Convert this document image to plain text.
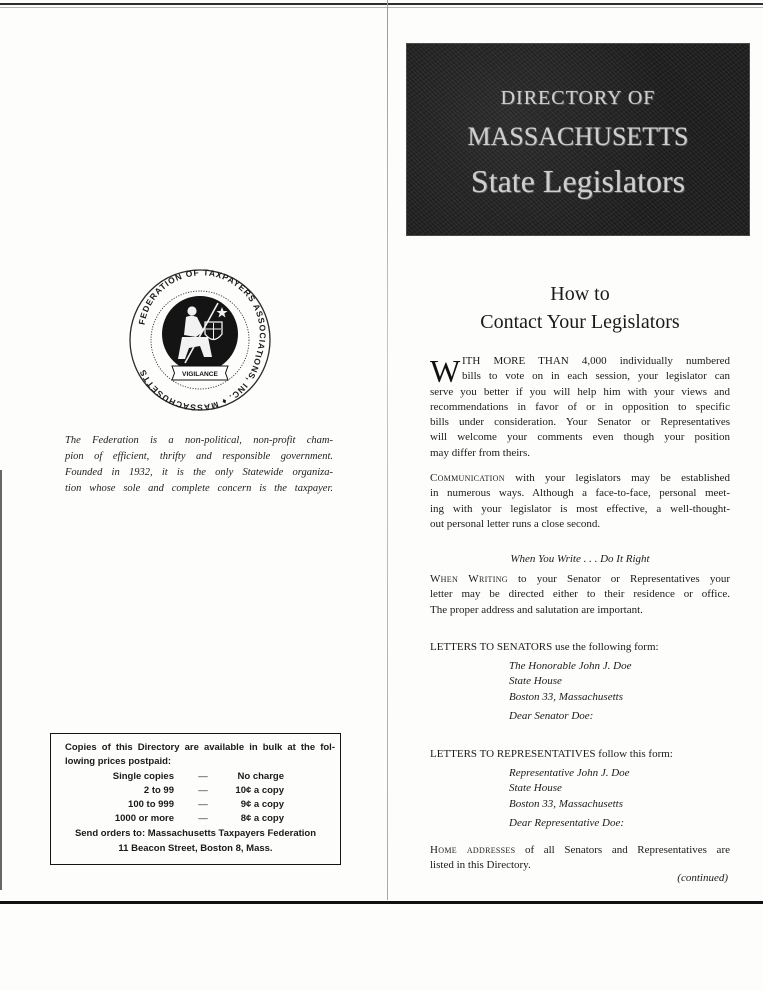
FEDERATION OF TAXPAYERS ASSOCIATIONS, INC. ♦ MASSACHUSETTS	VIGILANCE
The Federation is a non-political, non-profit cham-
pion of efficient, thrifty and responsible government.
Founded in 1932, it is the only Statewide organiza-
tion whose sole and complete concern is the taxpayer.
Copies of this Directory are available in bulk at the fol-
lowing prices postpaid:
Single copies	—	No charge
2 to 99	—	10¢ a copy
100 to 999	—	9¢ a copy
1000 or more	—	8¢ a copy
Send orders to: Massachusetts Taxpayers Federation
11 Beacon Street, Boston 8, Mass.
DIRECTORY OF
MASSACHUSETTS
State Legislators
How to
Contact Your Legislators
W ITH MORE THAN 4,000 individually numbered
bills to vote on in each session, your legislator can
serve you better if you will help him with your views and
recommendations in favor of or in opposition to specific
bills under consideration. Your Senator or Representatives
will welcome your comments even though your position
may differ from theirs.
Communication with your legislators may be established
in numerous ways. Although a face-to-face, personal meet-
ing with your legislator is most effective, a well-thought-
out personal letter runs a close second.
When You Write . . . Do It Right
When Writing to your Senator or Representatives your
letter may be directed either to their residence or office.
The proper address and salutation are important.
LETTERS TO SENATORS use the following form:
The Honorable John J. Doe
State House
Boston 33, Massachusetts
Dear Senator Doe:
LETTERS TO REPRESENTATIVES follow this form:
Representative John J. Doe
State House
Boston 33, Massachusetts
Dear Representative Doe:
Home addresses of all Senators and Representatives are
listed in this Directory.
(continued)
